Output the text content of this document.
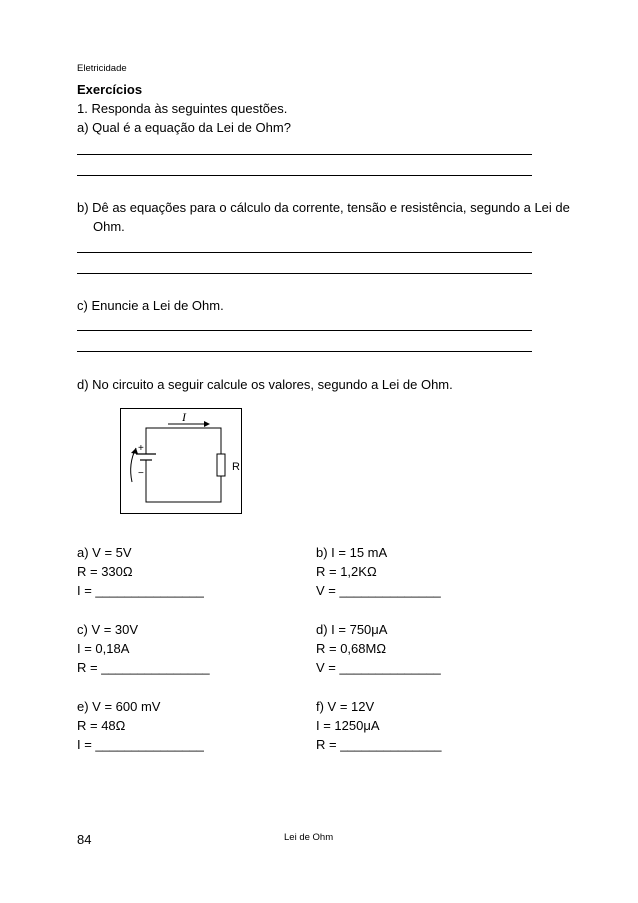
Eletricidade
Exercícios
1. Responda às seguintes questões.
a) Qual é a equação da Lei de Ohm?
b) Dê as equações para o cálculo da corrente, tensão e resistência, segundo a Lei de
Ohm.
c) Enuncie a Lei de Ohm.
d) No circuito a seguir calcule os valores, segundo a Lei de Ohm.
+
−
I
R
a) V = 5V
R = 330Ω
I = _______________
b) I = 15 mA
R = 1,2KΩ
V = ______________
c) V = 30V
I = 0,18A
R = _______________
d) I = 750μA
R = 0,68MΩ
V = ______________
e) V = 600 mV
R = 48Ω
I = _______________
f) V = 12V
I = 1250μA
R = ______________
84	Lei de Ohm
